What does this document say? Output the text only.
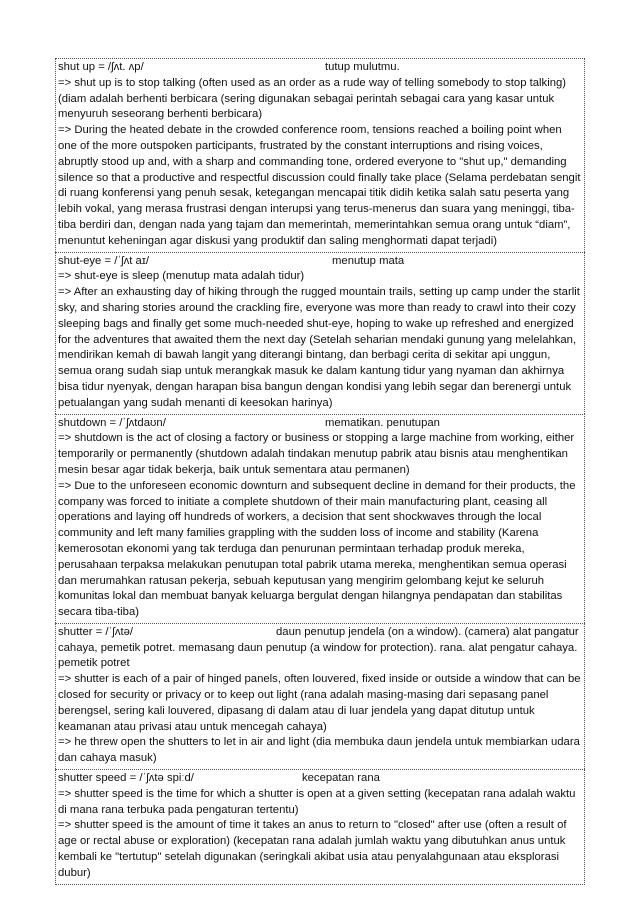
shut up = /ʃʌt. ʌp/	tutup mulutmu.
=> shut up is to stop talking (often used as an order as a rude way of telling somebody to stop talking) (diam adalah berhenti berbicara (sering digunakan sebagai perintah sebagai cara yang kasar untuk menyuruh seseorang berhenti berbicara)
=> During the heated debate in the crowded conference room, tensions reached a boiling point when one of the more outspoken participants, frustrated by the constant interruptions and rising voices, abruptly stood up and, with a sharp and commanding tone, ordered everyone to "shut up," demanding silence so that a productive and respectful discussion could finally take place (Selama perdebatan sengit di ruang konferensi yang penuh sesak, ketegangan mencapai titik didih ketika salah satu peserta yang lebih vokal, yang merasa frustrasi dengan interupsi yang terus-menerus dan suara yang meninggi, tiba-tiba berdiri dan, dengan nada yang tajam dan memerintah, memerintahkan semua orang untuk “diam”, menuntut keheningan agar diskusi yang produktif dan saling menghormati dapat terjadi)
shut-eye = /ˈʃʌt aɪ/	menutup mata
=> shut-eye is sleep (menutup mata adalah tidur)
=> After an exhausting day of hiking through the rugged mountain trails, setting up camp under the starlit sky, and sharing stories around the crackling fire, everyone was more than ready to crawl into their cozy sleeping bags and finally get some much-needed shut-eye, hoping to wake up refreshed and energized for the adventures that awaited them the next day (Setelah seharian mendaki gunung yang melelahkan, mendirikan kemah di bawah langit yang diterangi bintang, dan berbagi cerita di sekitar api unggun, semua orang sudah siap untuk merangkak masuk ke dalam kantung tidur yang nyaman dan akhirnya bisa tidur nyenyak, dengan harapan bisa bangun dengan kondisi yang lebih segar dan berenergi untuk petualangan yang sudah menanti di keesokan harinya)
shutdown = /ˈʃʌtdaʊn/	mematikan. penutupan
=> shutdown is the act of closing a factory or business or stopping a large machine from working, either temporarily or permanently (shutdown adalah tindakan menutup pabrik atau bisnis atau menghentikan mesin besar agar tidak bekerja, baik untuk sementara atau permanen)
=> Due to the unforeseen economic downturn and subsequent decline in demand for their products, the company was forced to initiate a complete shutdown of their main manufacturing plant, ceasing all operations and laying off hundreds of workers, a decision that sent shockwaves through the local community and left many families grappling with the sudden loss of income and stability (Karena kemerosotan ekonomi yang tak terduga dan penurunan permintaan terhadap produk mereka, perusahaan terpaksa melakukan penutupan total pabrik utama mereka, menghentikan semua operasi dan merumahkan ratusan pekerja, sebuah keputusan yang mengirim gelombang kejut ke seluruh komunitas lokal dan membuat banyak keluarga bergulat dengan hilangnya pendapatan dan stabilitas secara tiba-tiba)
shutter = /ˈʃʌtə/	daun penutup jendela (on a window). (camera) alat pangatur cahaya, pemetik potret. memasang daun penutup (a window for protection). rana. alat pengatur cahaya. pemetik potret
=> shutter is each of a pair of hinged panels, often louvered, fixed inside or outside a window that can be closed for security or privacy or to keep out light (rana adalah masing-masing dari sepasang panel berengsel, sering kali louvered, dipasang di dalam atau di luar jendela yang dapat ditutup untuk keamanan atau privasi atau untuk mencegah cahaya)
=> he threw open the shutters to let in air and light (dia membuka daun jendela untuk membiarkan udara dan cahaya masuk)
shutter speed = /ˈʃʌtə spiːd/	kecepatan rana
=> shutter speed is the time for which a shutter is open at a given setting (kecepatan rana adalah waktu di mana rana terbuka pada pengaturan tertentu)
=> shutter speed is the amount of time it takes an anus to return to "closed" after use (often a result of age or rectal abuse or exploration) (kecepatan rana adalah jumlah waktu yang dibutuhkan anus untuk kembali ke "tertutup" setelah digunakan (seringkali akibat usia atau penyalahgunaan atau eksplorasi dubur)
